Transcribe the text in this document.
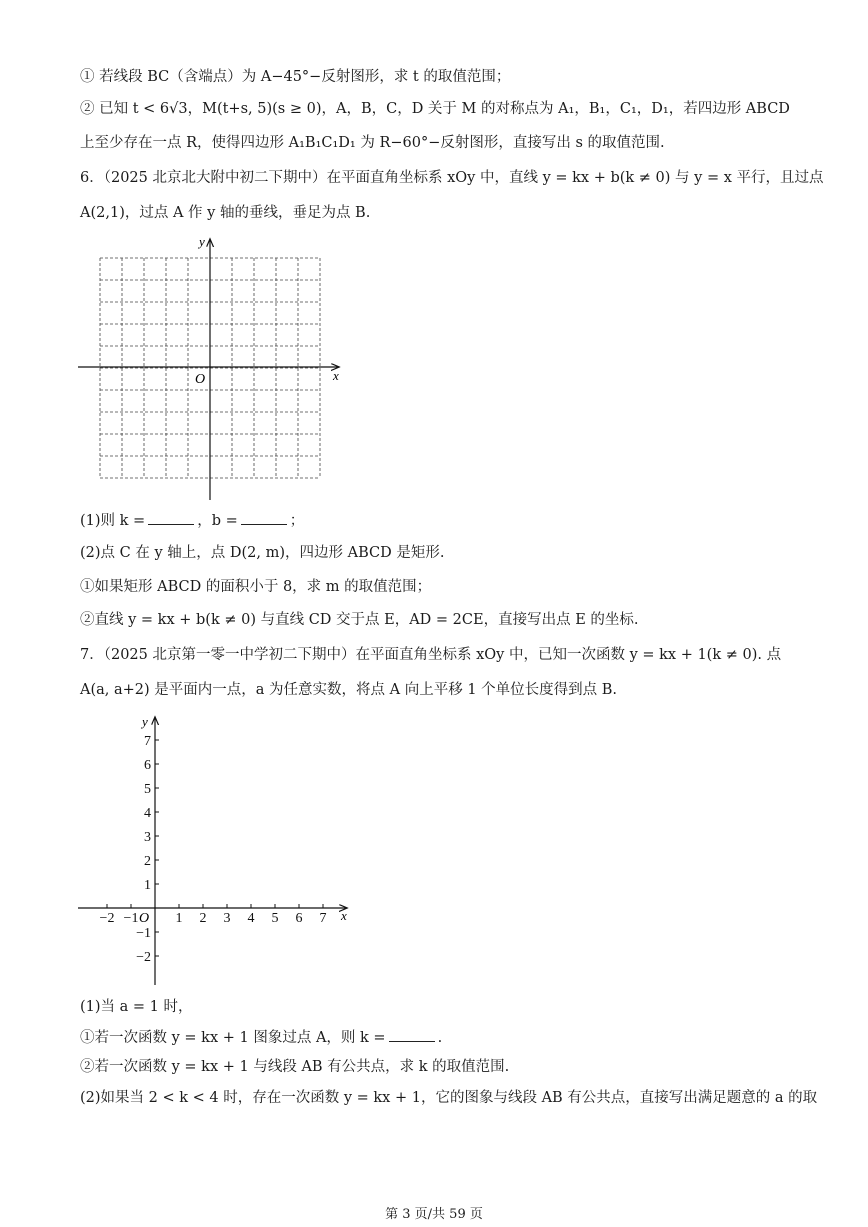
① 若线段 BC（含端点）为 A−45°−反射图形，求 t 的取值范围；
② 已知 t < 6√3，M(t+s, 5)(s ≥ 0)，A，B，C，D 关于 M 的对称点为 A₁，B₁，C₁，D₁，若四边形 ABCD
上至少存在一点 R，使得四边形 A₁B₁C₁D₁ 为 R−60°−反射图形，直接写出 s 的取值范围.
6．（2025 北京北大附中初二下期中）在平面直角坐标系 xOy 中，直线 y = kx + b(k ≠ 0) 与 y = x 平行，且过点
A(2,1)，过点 A 作 y 轴的垂线，垂足为点 B.
x
y
O
−2 −1	1 2 3 4 5 6 7
7
6
5
4
3
2
1
−1
−2
x
y
O
(1)则 k =	，b =	；
(2)点 C 在 y 轴上，点 D(2, m)，四边形 ABCD 是矩形.
①如果矩形 ABCD 的面积小于 8，求 m 的取值范围；
②直线 y = kx + b(k ≠ 0) 与直线 CD 交于点 E，AD = 2CE，直接写出点 E 的坐标.
7．（2025 北京第一零一中学初二下期中）在平面直角坐标系 xOy 中，已知一次函数 y = kx + 1(k ≠ 0). 点
A(a, a+2) 是平面内一点，a 为任意实数，将点 A 向上平移 1 个单位长度得到点 B.
(1)当 a = 1 时，
①若一次函数 y = kx + 1 图象过点 A，则 k =	.
②若一次函数 y = kx + 1 与线段 AB 有公共点，求 k 的取值范围.
(2)如果当 2 < k < 4 时，存在一次函数 y = kx + 1，它的图象与线段 AB 有公共点，直接写出满足题意的 a 的取
第 3 页/共 59 页
